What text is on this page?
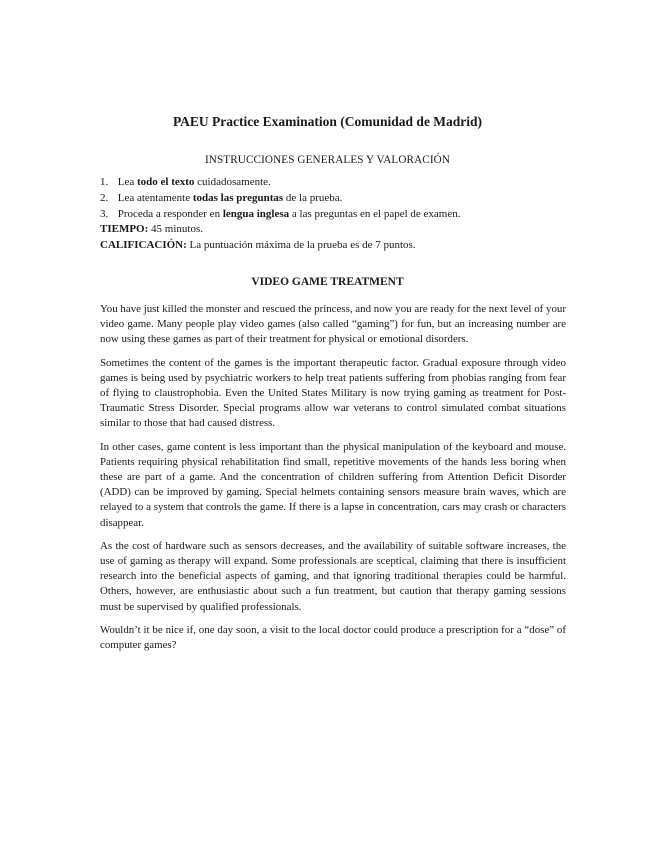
PAEU Practice Examination (Comunidad de Madrid)
INSTRUCCIONES GENERALES Y VALORACIÓN
1. Lea todo el texto cuidadosamente.
2. Lea atentamente todas las preguntas de la prueba.
3. Proceda a responder en lengua inglesa a las preguntas en el papel de examen.
TIEMPO: 45 minutos.
CALIFICACIÓN: La puntuación máxima de la prueba es de 7 puntos.
VIDEO GAME TREATMENT

You have just killed the monster and rescued the princess, and now you are ready for the next level of your video game. Many people play video games (also called “gaming”) for fun, but an increasing number are now using these games as part of their treatment for physical or emotional disorders.

Sometimes the content of the games is the important therapeutic factor. Gradual exposure through video games is being used by psychiatric workers to help treat patients suffering from phobias ranging from fear of flying to claustrophobia. Even the United States Military is now trying gaming as treatment for Post-Traumatic Stress Disorder. Special programs allow war veterans to control simulated combat situations similar to those that had caused distress.

In other cases, game content is less important than the physical manipulation of the keyboard and mouse. Patients requiring physical rehabilitation find small, repetitive movements of the hands less boring when these are part of a game. And the concentration of children suffering from Attention Deficit Disorder (ADD) can be improved by gaming. Special helmets containing sensors measure brain waves, which are relayed to a system that controls the game. If there is a lapse in concentration, cars may crash or characters disappear.

As the cost of hardware such as sensors decreases, and the availability of suitable software increases, the use of gaming as therapy will expand. Some professionals are sceptical, claiming that there is insufficient research into the beneficial aspects of gaming, and that ignoring traditional therapies could be harmful. Others, however, are enthusiastic about such a fun treatment, but caution that therapy gaming sessions must be supervised by qualified professionals.

Wouldn’t it be nice if, one day soon, a visit to the local doctor could produce a prescription for a “dose” of computer games?
